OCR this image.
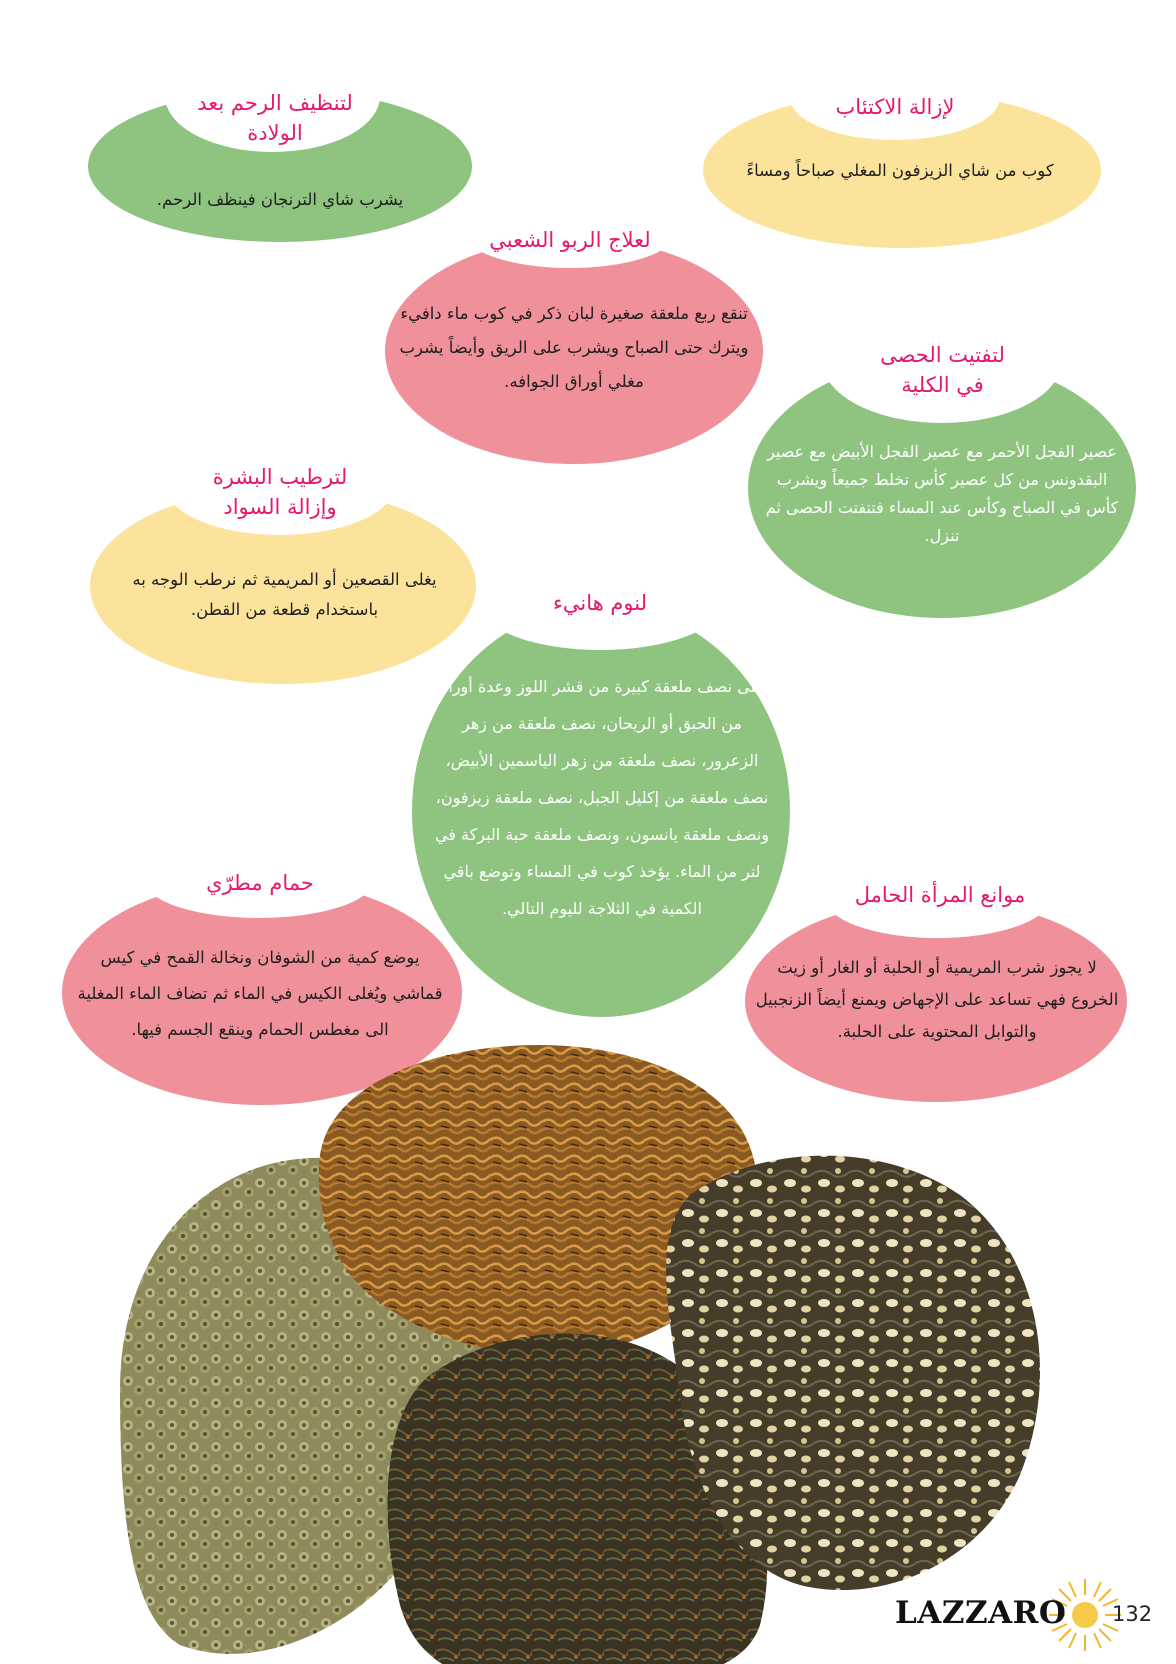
لإزالة الاكتئاب
كوب من شاي الزيزفون المغلي صباحاً ومساءً
لتنظيف الرحم بعد الولادة
يشرب شاي الترنجان فينظف الرحم.
لعلاج الربو الشعبي
تنقع ربع ملعقة صغيرة لبان ذكر في كوب ماء دافيء ويترك حتى الصباح ويشرب على الريق وأيضاً يشرب مغلي أوراق الجوافه.
لتفتيت الحصى في الكلية
عصير الفجل الأحمر مع عصير الفجل الأبيض مع عصير البقدونس من كل عصير كأس تخلط جميعاً ويشرب كأس في الصباح وكأس عند المساء فتتفتت الحصى ثم تنزل.
لترطيب البشرة وإزالة السواد
يغلى القصعين أو المريمية ثم نرطب الوجه به باستخدام قطعة من القطن.	لنوم هانيء
تغلى نصف ملعقة كبيرة من قشر اللوز وعدة أوراق من الحبق أو الريحان، نصف ملعقة من زهر الزعرور، نصف ملعقة من زهر الياسمين الأبيض، نصف ملعقة من إكليل الجبل، نصف ملعقة زيزفون، ونصف ملعقة يانسون، ونصف ملعقة حبة البركة في لتر من الماء. يؤخذ كوب في المساء وتوضع باقي الكمية في الثلاجة لليوم التالي.
حمام مطرّي
يوضع كمية من الشوفان ونخالة القمح في كيس قماشي ويُغلى الكيس في الماء ثم تضاف الماء المغلية الى مغطس الحمام وينقع الجسم فيها.
موانع المرأة الحامل
لا يجوز شرب المريمية أو الحلبة أو الغار أو زيت الخروع فهي تساعد على الإجهاض ويمنع أيضاً الزنجبيل والتوابل المحتوية على الحلبة.
LAZZARO 132
